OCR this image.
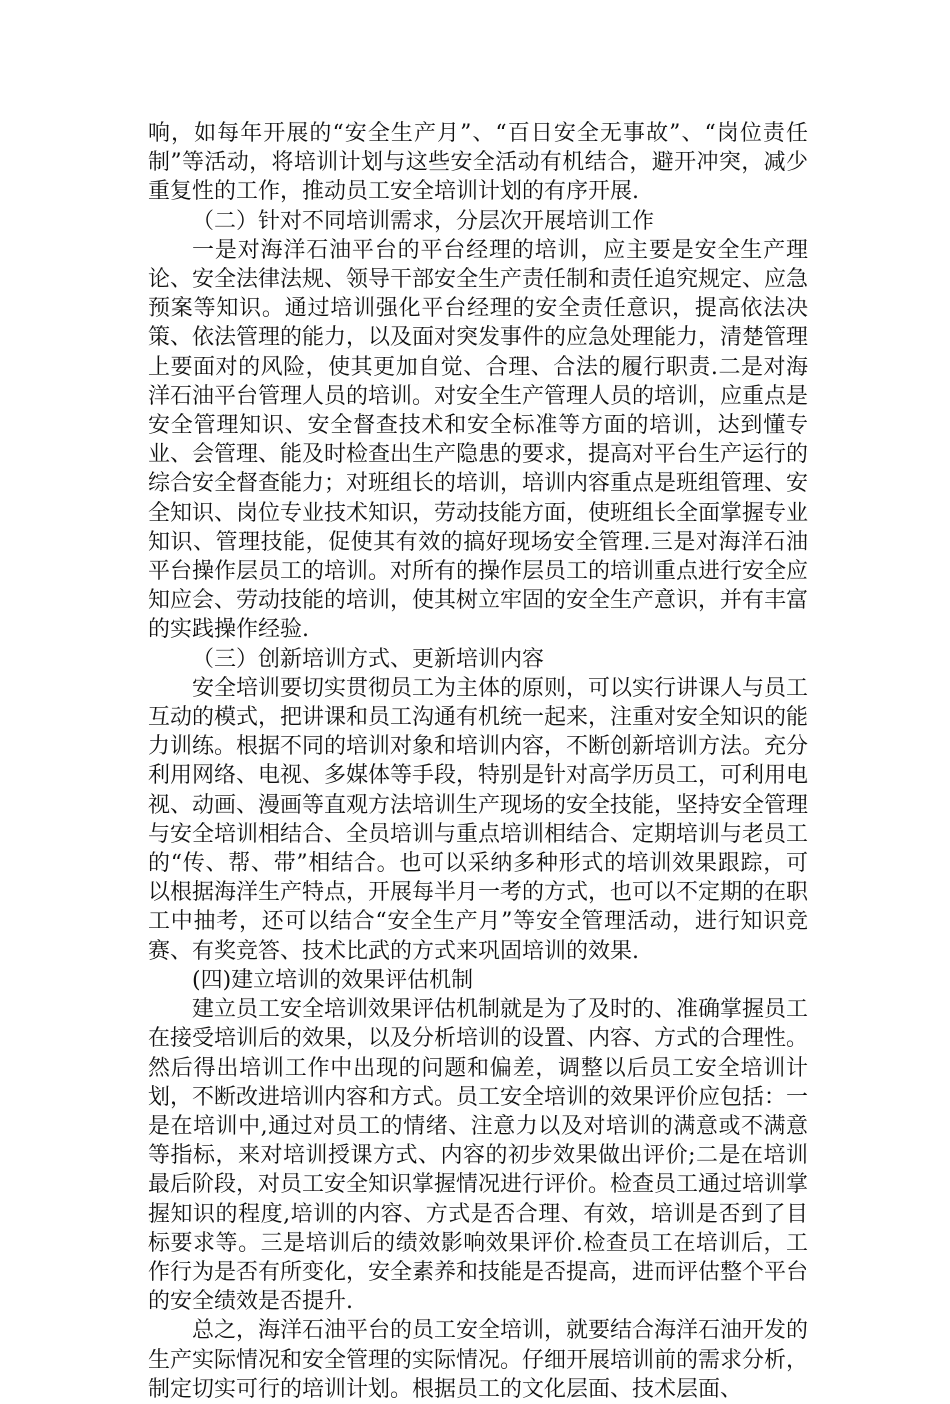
响，如每年开展的“安全生产月”、“百日安全无事故”、“岗位责任制”等活动，将培训计划与这些安全活动有机结合，避开冲突，减少重复性的工作，推动员工安全培训计划的有序开展.

（二）针对不同培训需求，分层次开展培训工作

一是对海洋石油平台的平台经理的培训，应主要是安全生产理论、安全法律法规、领导干部安全生产责任制和责任追究规定、应急预案等知识。通过培训强化平台经理的安全责任意识，提高依法决策、依法管理的能力，以及面对突发事件的应急处理能力，清楚管理上要面对的风险，使其更加自觉、合理、合法的履行职责.二是对海洋石油平台管理人员的培训。对安全生产管理人员的培训，应重点是安全管理知识、安全督查技术和安全标准等方面的培训，达到懂专业、会管理、能及时检查出生产隐患的要求，提高对平台生产运行的综合安全督查能力；对班组长的培训，培训内容重点是班组管理、安全知识、岗位专业技术知识，劳动技能方面，使班组长全面掌握专业知识、管理技能，促使其有效的搞好现场安全管理.三是对海洋石油平台操作层员工的培训。对所有的操作层员工的培训重点进行安全应知应会、劳动技能的培训，使其树立牢固的安全生产意识，并有丰富的实践操作经验.

（三）创新培训方式、更新培训内容

安全培训要切实贯彻员工为主体的原则，可以实行讲课人与员工互动的模式，把讲课和员工沟通有机统一起来，注重对安全知识的能力训练。根据不同的培训对象和培训内容，不断创新培训方法。充分利用网络、电视、多媒体等手段，特别是针对高学历员工，可利用电视、动画、漫画等直观方法培训生产现场的安全技能，坚持安全管理与安全培训相结合、全员培训与重点培训相结合、定期培训与老员工的“传、帮、带”相结合。也可以采纳多种形式的培训效果跟踪，可以根据海洋生产特点，开展每半月一考的方式，也可以不定期的在职工中抽考，还可以结合“安全生产月”等安全管理活动，进行知识竞赛、有奖竞答、技术比武的方式来巩固培训的效果.

(四)建立培训的效果评估机制

建立员工安全培训效果评估机制就是为了及时的、准确掌握员工在接受培训后的效果，以及分析培训的设置、内容、方式的合理性。然后得出培训工作中出现的问题和偏差，调整以后员工安全培训计划，不断改进培训内容和方式。员工安全培训的效果评价应包括：一是在培训中,通过对员工的情绪、注意力以及对培训的满意或不满意等指标，来对培训授课方式、内容的初步效果做出评价;二是在培训最后阶段，对员工安全知识掌握情况进行评价。检查员工通过培训掌握知识的程度,培训的内容、方式是否合理、有效，培训是否到了目标要求等。三是培训后的绩效影响效果评价.检查员工在培训后，工作行为是否有所变化，安全素养和技能是否提高，进而评估整个平台的安全绩效是否提升.

总之，海洋石油平台的员工安全培训，就要结合海洋石油开发的生产实际情况和安全管理的实际情况。仔细开展培训前的需求分析，制定切实可行的培训计划。根据员工的文化层面、技术层面、
